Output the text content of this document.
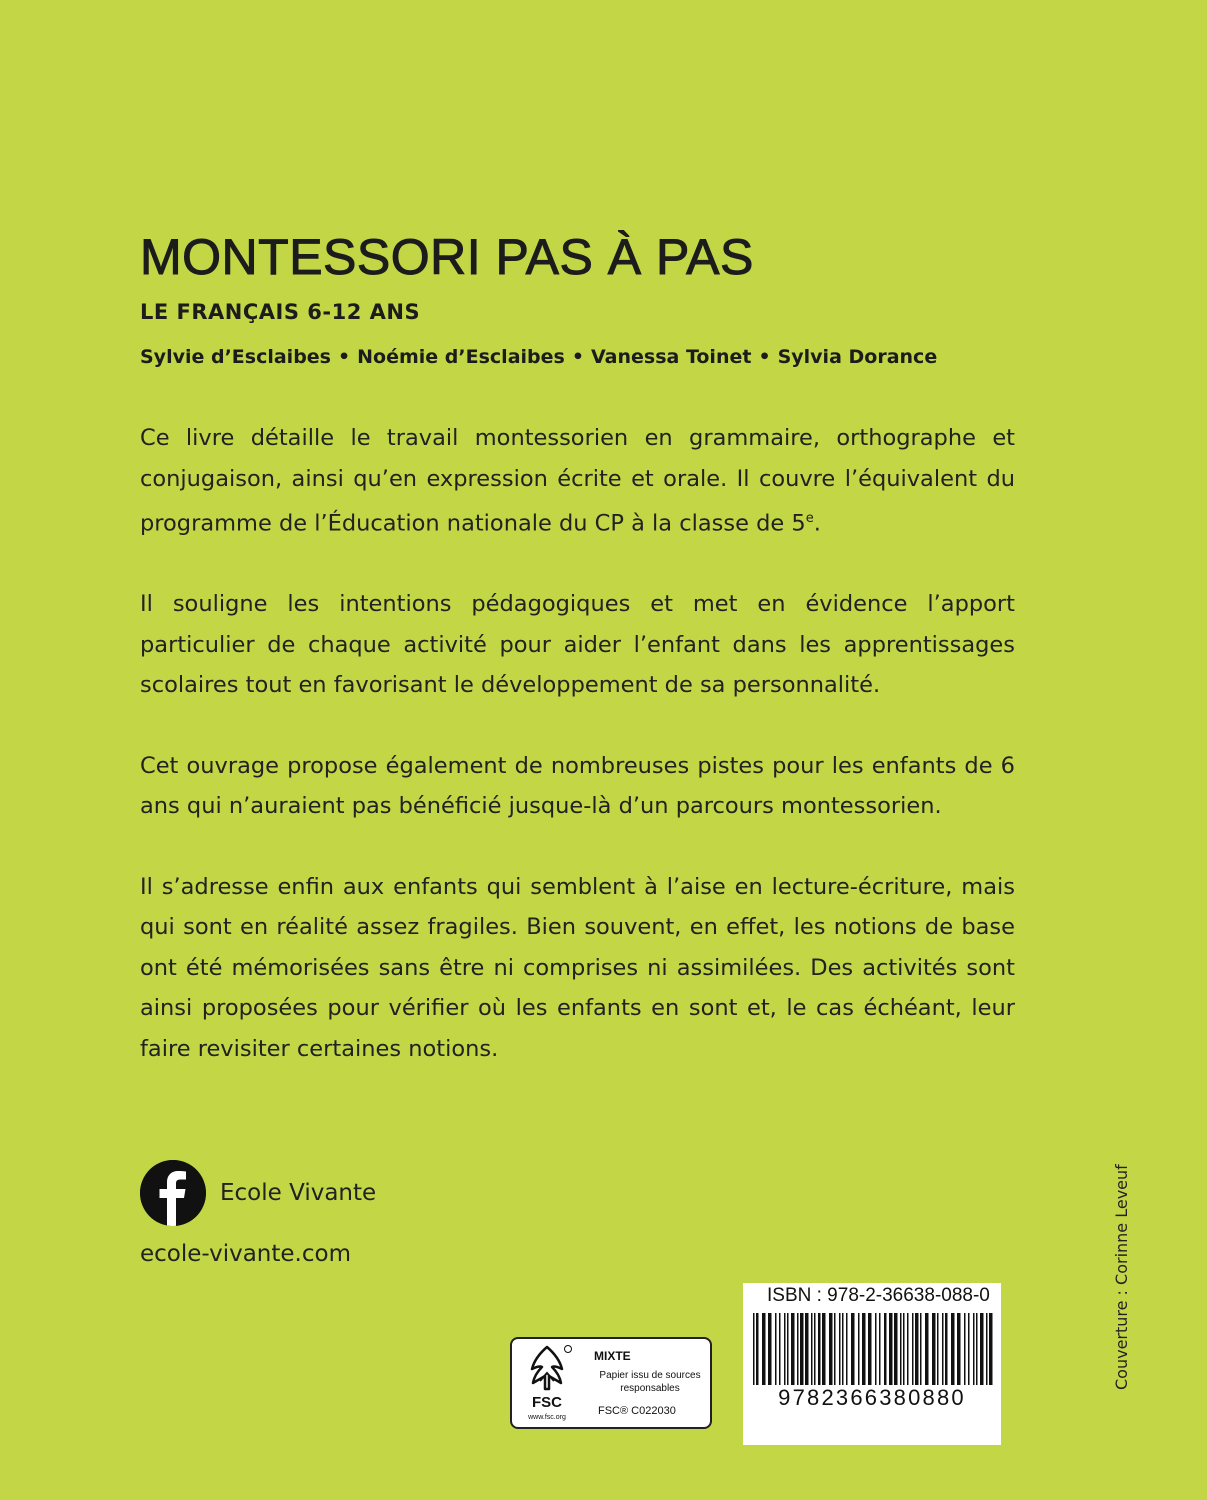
MONTESSORI PAS À PAS
LE FRANÇAIS 6-12 ANS
Sylvie d’Esclaibes • Noémie d’Esclaibes • Vanessa Toinet • Sylvia Dorance

Ce livre détaille le travail montessorien en grammaire, orthographe et conjugaison, ainsi qu’en expression écrite et orale. Il couvre l’équivalent du programme de l’Éducation nationale du CP à la classe de 5e.

Il souligne les intentions pédagogiques et met en évidence l’apport particulier de chaque activité pour aider l’enfant dans les apprentissages scolaires tout en favorisant le développement de sa personnalité.

Cet ouvrage propose également de nombreuses pistes pour les enfants de 6 ans qui n’auraient pas bénéficié jusque-là d’un parcours montessorien.

Il s’adresse enfin aux enfants qui semblent à l’aise en lecture-écriture, mais qui sont en réalité assez fragiles. Bien souvent, en effet, les notions de base ont été mémorisées sans être ni comprises ni assimilées. Des activités sont ainsi proposées pour vérifier où les enfants en sont et, le cas échéant, leur faire revisiter certaines notions.

Ecole Vivante
ecole-vivante.com
FSC
www.fsc.org

MIXTE

Papier issu de sources responsables
FSC® C022030
ISBN : 978-2-36638-088-0
9782366380880
Couverture : Corinne Leveuf
